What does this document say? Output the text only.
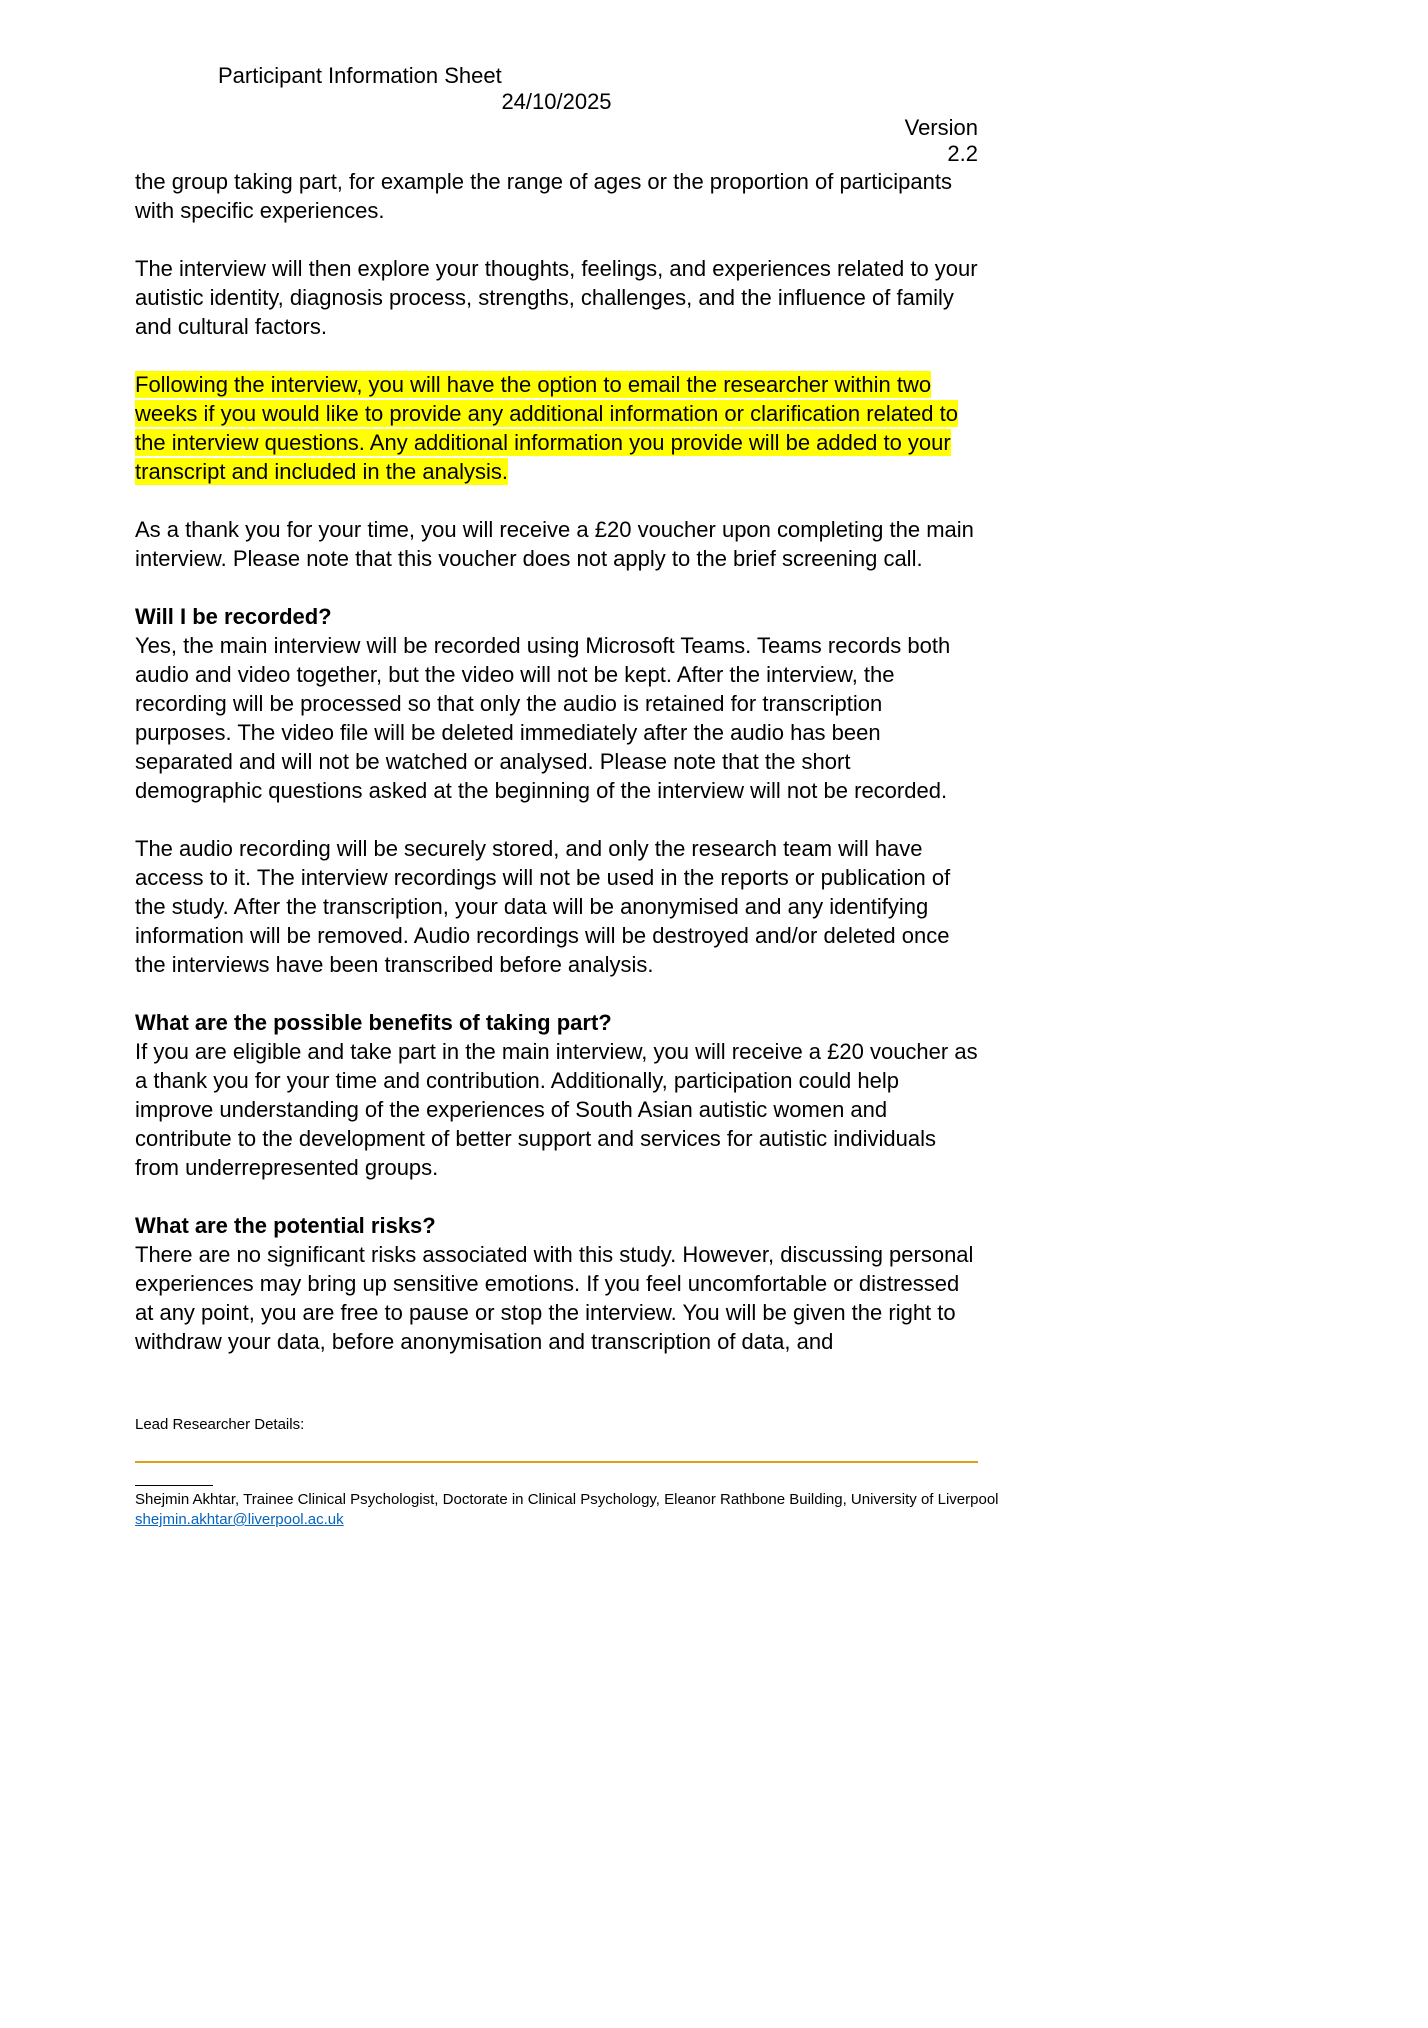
Participant Information Sheet
24/10/2025
Version
2.2

the group taking part, for example the range of ages or the proportion of participants with specific experiences.

The interview will then explore your thoughts, feelings, and experiences related to your autistic identity, diagnosis process, strengths, challenges, and the influence of family and cultural factors.

Following the interview, you will have the option to email the researcher within two weeks if you would like to provide any additional information or clarification related to the interview questions. Any additional information you provide will be added to your transcript and included in the analysis.

As a thank you for your time, you will receive a £20 voucher upon completing the main interview. Please note that this voucher does not apply to the brief screening call.

Will I be recorded?

Yes, the main interview will be recorded using Microsoft Teams. Teams records both audio and video together, but the video will not be kept. After the interview, the recording will be processed so that only the audio is retained for transcription purposes. The video file will be deleted immediately after the audio has been separated and will not be watched or analysed. Please note that the short demographic questions asked at the beginning of the interview will not be recorded.

The audio recording will be securely stored, and only the research team will have access to it. The interview recordings will not be used in the reports or publication of the study. After the transcription, your data will be anonymised and any identifying information will be removed. Audio recordings will be destroyed and/or deleted once the interviews have been transcribed before analysis.

What are the possible benefits of taking part?

If you are eligible and take part in the main interview, you will receive a £20 voucher as a thank you for your time and contribution. Additionally, participation could help improve understanding of the experiences of South Asian autistic women and contribute to the development of better support and services for autistic individuals from underrepresented groups.

What are the potential risks?

There are no significant risks associated with this study. However, discussing personal experiences may bring up sensitive emotions. If you feel uncomfortable or distressed at any point, you are free to pause or stop the interview. You will be given the right to withdraw your data, before anonymisation and transcription of data, and

Lead Researcher Details:
Shejmin Akhtar, Trainee Clinical Psychologist, Doctorate in Clinical Psychology, Eleanor Rathbone Building, University of Liverpool
shejmin.akhtar@liverpool.ac.uk
